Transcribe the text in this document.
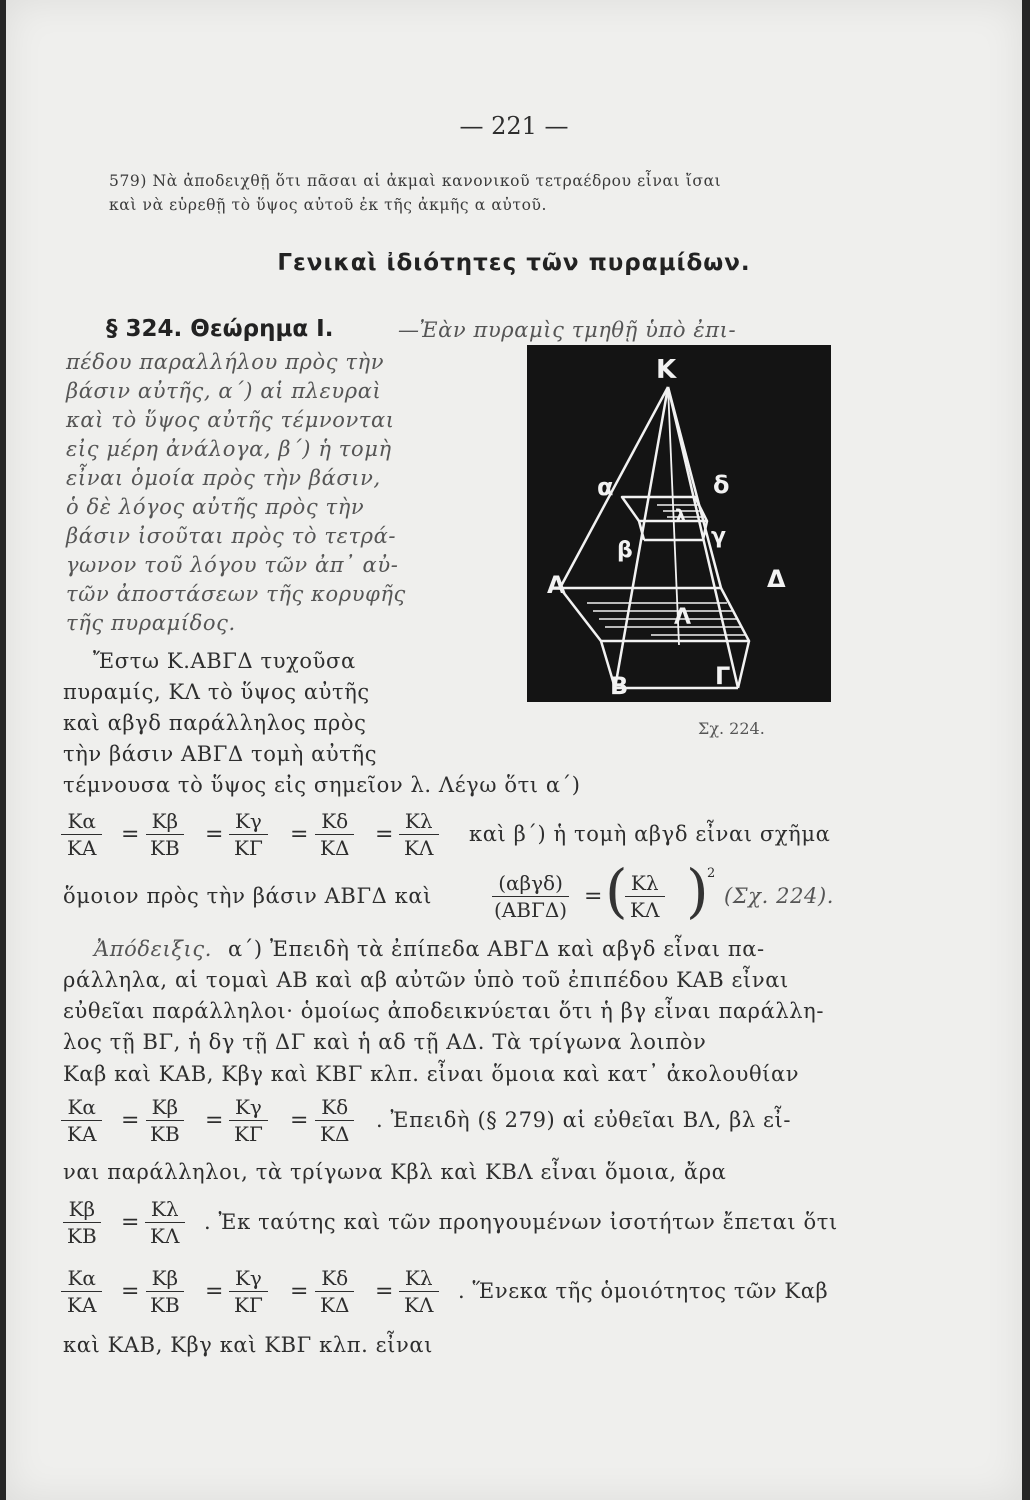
— 221 —
579) Νὰ ἀποδειχθῇ ὅτι πᾶσαι αἱ ἀκμαὶ κανονικοῦ τετραέδρου εἶναι ἴσαι
καὶ νὰ εὑρεθῇ τὸ ὕψος αὐτοῦ ἐκ τῆς ἀκμῆς α αὐτοῦ.
Γενικαὶ ἰδιότητες τῶν πυραμίδων.
§ 324. Θεώρημα I.	—Ἐὰν πυραμὶς τμηθῇ ὑπὸ ἐπι-
πέδου παραλλήλου πρὸς τὴν
βάσιν αὐτῆς, α΄) αἱ πλευραὶ
καὶ τὸ ὕψος αὐτῆς τέμνονται
εἰς μέρη ἀνάλογα, β΄) ἡ τομὴ
εἶναι ὁμοία πρὸς τὴν βάσιν,
ὁ δὲ λόγος αὐτῆς πρὸς τὴν
βάσιν ἰσοῦται πρὸς τὸ τετρά-
γωνον τοῦ λόγου τῶν ἀπ᾽ αὐ-
τῶν ἀποστάσεων τῆς κορυφῆς
τῆς πυραμίδος.
Ἔστω Κ.ΑΒΓΔ τυχοῦσα
πυραμίς, ΚΛ τὸ ὕψος αὐτῆς
καὶ αβγδ παράλληλος πρὸς
τὴν βάσιν ΑΒΓΔ τομὴ αὐτῆς
τέμνουσα τὸ ὕψος εἰς σημεῖον λ. Λέγω ὅτι α΄)
Κ
α	δ
β
γ
λ
Α	Δ
Λ
Β	Γ
Σχ. 224.
$\frac{K\alpha}{KA} = \frac{K\beta}{KB} = \frac{K\gamma}{K\Gamma} = \frac{K\delta}{K\Delta} = \frac{K\lambda}{K\Lambda}$ καὶ β΄) ἡ τομὴ αβγδ εἶναι σχῆμα
ὅμοιον πρὸς τὴν βάσιν ΑΒΓΔ καὶ
(αβγδ)
(ΑΒΓΔ)
= (
$\frac{K\lambda}{K\Lambda}$ )
2
(Σχ. 224).
Ἀπόδειξις. α΄) Ἐπειδὴ τὰ ἐπίπεδα ΑΒΓΔ καὶ αβγδ εἶναι πα-
ράλληλα, αἱ τομαὶ ΑΒ καὶ αβ αὐτῶν ὑπὸ τοῦ ἐπιπέδου ΚΑΒ εἶναι
εὐθεῖαι παράλληλοι· ὁμοίως ἀποδεικνύεται ὅτι ἡ βγ εἶναι παράλλη-
λος τῇ ΒΓ, ἡ δγ τῇ ΔΓ καὶ ἡ αδ τῇ ΑΔ. Τὰ τρίγωνα λοιπὸν
Καβ καὶ ΚΑΒ, Κβγ καὶ ΚΒΓ κλπ. εἶναι ὅμοια καὶ κατ᾽ ἀκολουθίαν
$\frac{K\alpha}{KA} = \frac{K\beta}{KB} = \frac{K\gamma}{K\Gamma} = \frac{K\delta}{K\Delta}$ . Ἐπειδὴ (§ 279) αἱ εὐθεῖαι ΒΛ, βλ εἶ-
ναι παράλληλοι, τὰ τρίγωνα Κβλ καὶ ΚΒΛ εἶναι ὅμοια, ἄρα
$\frac{K\beta}{KB} = \frac{K\lambda}{K\Lambda}$ . Ἐκ ταύτης καὶ τῶν προηγουμένων ἰσοτήτων ἔπεται ὅτι
$\frac{K\alpha}{KA} = \frac{K\beta}{KB} = \frac{K\gamma}{K\Gamma} = \frac{K\delta}{K\Delta} = \frac{K\lambda}{K\Lambda}$ . Ἕνεκα τῆς ὁμοιότητος τῶν Καβ
καὶ ΚΑΒ, Κβγ καὶ ΚΒΓ κλπ. εἶναι
